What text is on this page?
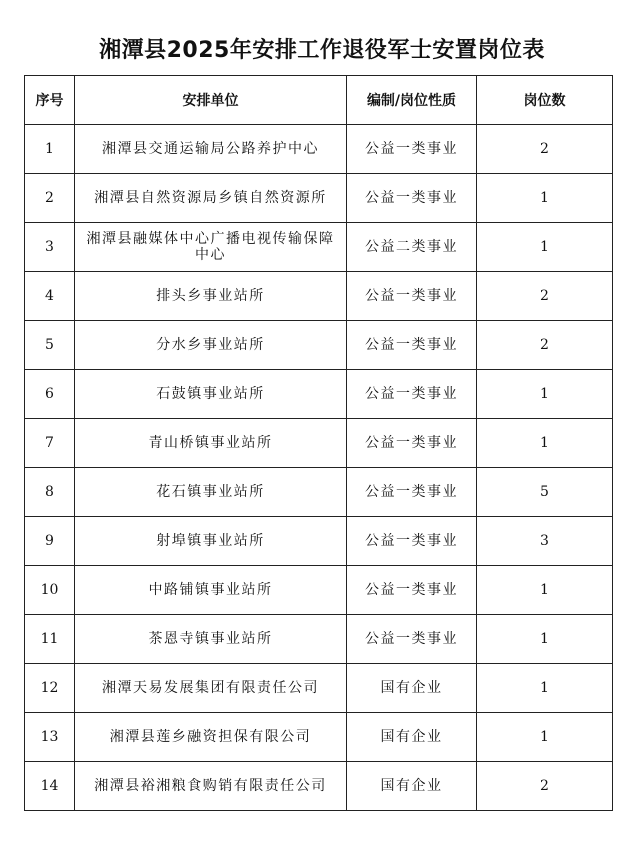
湘潭县2025年安排工作退役军士安置岗位表
序号	安排单位	编制/岗位性质	岗位数
1	湘潭县交通运输局公路养护中心	公益一类事业	2
2	湘潭县自然资源局乡镇自然资源所	公益一类事业	1
3	湘潭县融媒体中心广播电视传输保障中心	公益二类事业	1
4	排头乡事业站所	公益一类事业	2
5	分水乡事业站所	公益一类事业	2
6	石鼓镇事业站所	公益一类事业	1
7	青山桥镇事业站所	公益一类事业	1
8	花石镇事业站所	公益一类事业	5
9	射埠镇事业站所	公益一类事业	3
10	中路铺镇事业站所	公益一类事业	1
11	茶恩寺镇事业站所	公益一类事业	1
12	湘潭天易发展集团有限责任公司	国有企业	1
13	湘潭县莲乡融资担保有限公司	国有企业	1
14	湘潭县裕湘粮食购销有限责任公司	国有企业	2
